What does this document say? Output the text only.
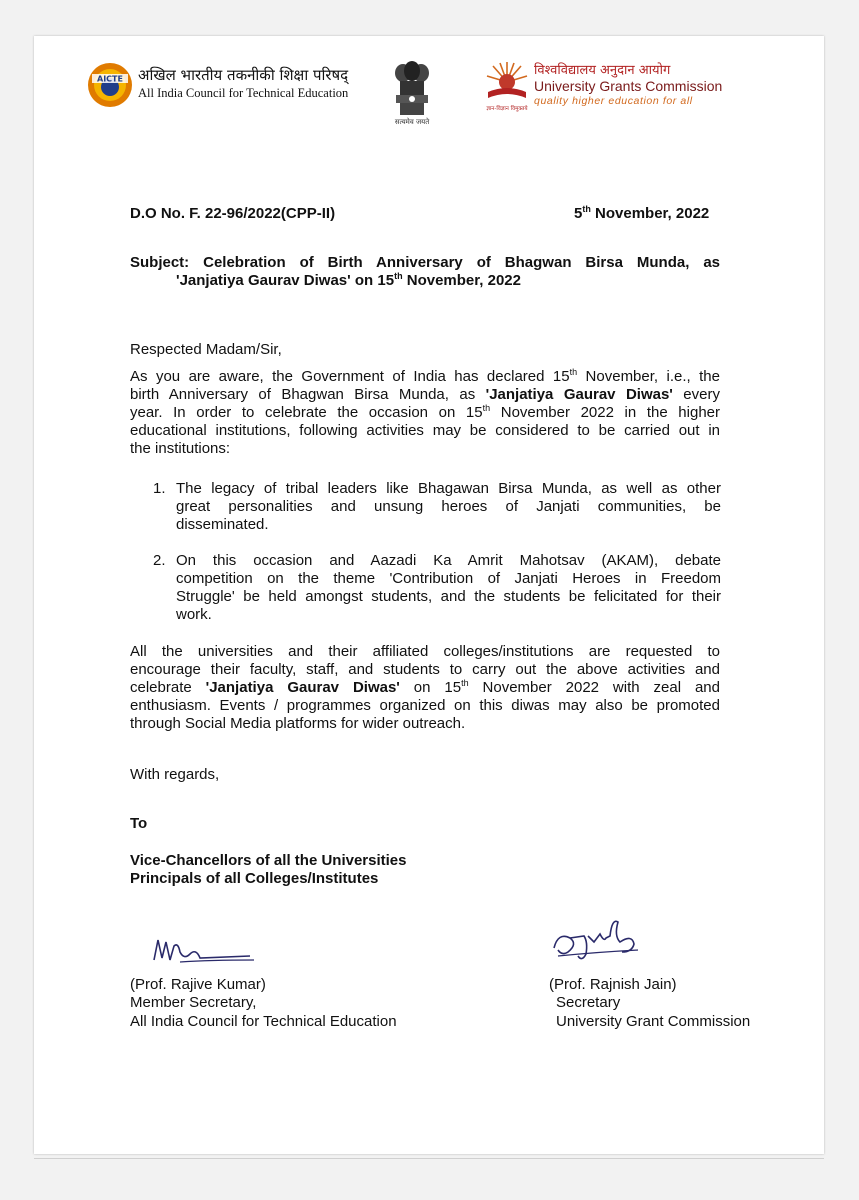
AICTE अखिल भारतीय तकनीकी शिक्षा परिषद्
All India Council for Technical Education
सत्यमेव जयते
ज्ञान-विज्ञान विमुक्तये
विश्वविद्यालय अनुदान आयोग
University Grants Commission
quality higher education for all
D.O No. F. 22-96/2022(CPP-II)	5th November, 2022
Subject: Celebration of Birth Anniversary of Bhagwan Birsa Munda, as
'Janjatiya Gaurav Diwas' on 15th November, 2022
Respected Madam/Sir,
As you are aware, the Government of India has declared 15th November, i.e., the
birth Anniversary of Bhagwan Birsa Munda, as 'Janjatiya Gaurav Diwas' every
year. In order to celebrate the occasion on 15th November 2022 in the higher
educational institutions, following activities may be considered to be carried out in
the institutions:
1. The legacy of tribal leaders like Bhagawan Birsa Munda, as well as other
great personalities and unsung heroes of Janjati communities, be
disseminated.
2. On this occasion and Aazadi Ka Amrit Mahotsav (AKAM), debate
competition on the theme 'Contribution of Janjati Heroes in Freedom
Struggle' be held amongst students, and the students be felicitated for their
work.
All the universities and their affiliated colleges/institutions are requested to
encourage their faculty, staff, and students to carry out the above activities and
celebrate 'Janjatiya Gaurav Diwas' on 15th November 2022 with zeal and
enthusiasm. Events / programmes organized on this diwas may also be promoted
through Social Media platforms for wider outreach.
With regards,
To
Vice-Chancellors of all the Universities
Principals of all Colleges/Institutes
(Prof. Rajive Kumar)
Member Secretary,
All India Council for Technical Education
(Prof. Rajnish Jain)
Secretary
University Grant Commission
